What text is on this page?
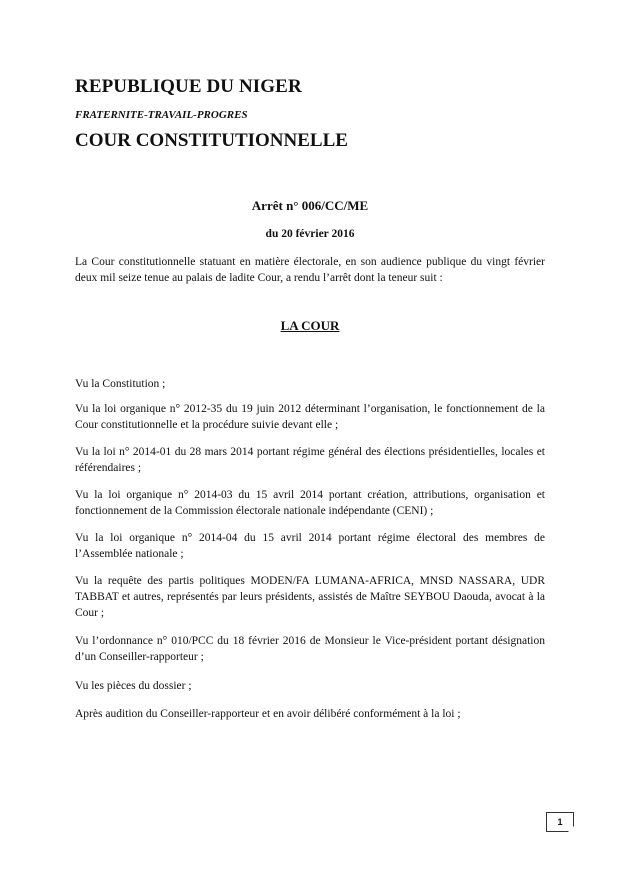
REPUBLIQUE DU NIGER

FRATERNITE-TRAVAIL-PROGRES

COUR CONSTITUTIONNELLE

Arrêt n° 006/CC/ME

du 20 février 2016

La Cour constitutionnelle statuant en matière électorale, en son audience publique du vingt février deux mil seize tenue au palais de ladite Cour, a rendu l’arrêt dont la teneur suit :

LA COUR

Vu la Constitution ;

Vu la loi organique n° 2012-35 du 19 juin 2012 déterminant l’organisation, le fonctionnement de la Cour constitutionnelle et la procédure suivie devant elle ;

Vu la loi n° 2014-01 du 28 mars 2014 portant régime général des élections présidentielles, locales et référendaires ;

Vu la loi organique n° 2014-03 du 15 avril 2014 portant création, attributions, organisation et fonctionnement de la Commission électorale nationale indépendante (CENI) ;

Vu la loi organique n° 2014-04 du 15 avril 2014 portant régime électoral des membres de l’Assemblée nationale ;

Vu la requête des partis politiques MODEN/FA LUMANA-AFRICA, MNSD NASSARA, UDR TABBAT et autres, représentés par leurs présidents, assistés de Maître SEYBOU Daouda, avocat à la Cour ;

Vu l’ordonnance n° 010/PCC du 18 février 2016 de Monsieur le Vice-président portant désignation d’un Conseiller-rapporteur ;

Vu les pièces du dossier ;

Après audition du Conseiller-rapporteur et en avoir délibéré conformément à la loi ;

1
